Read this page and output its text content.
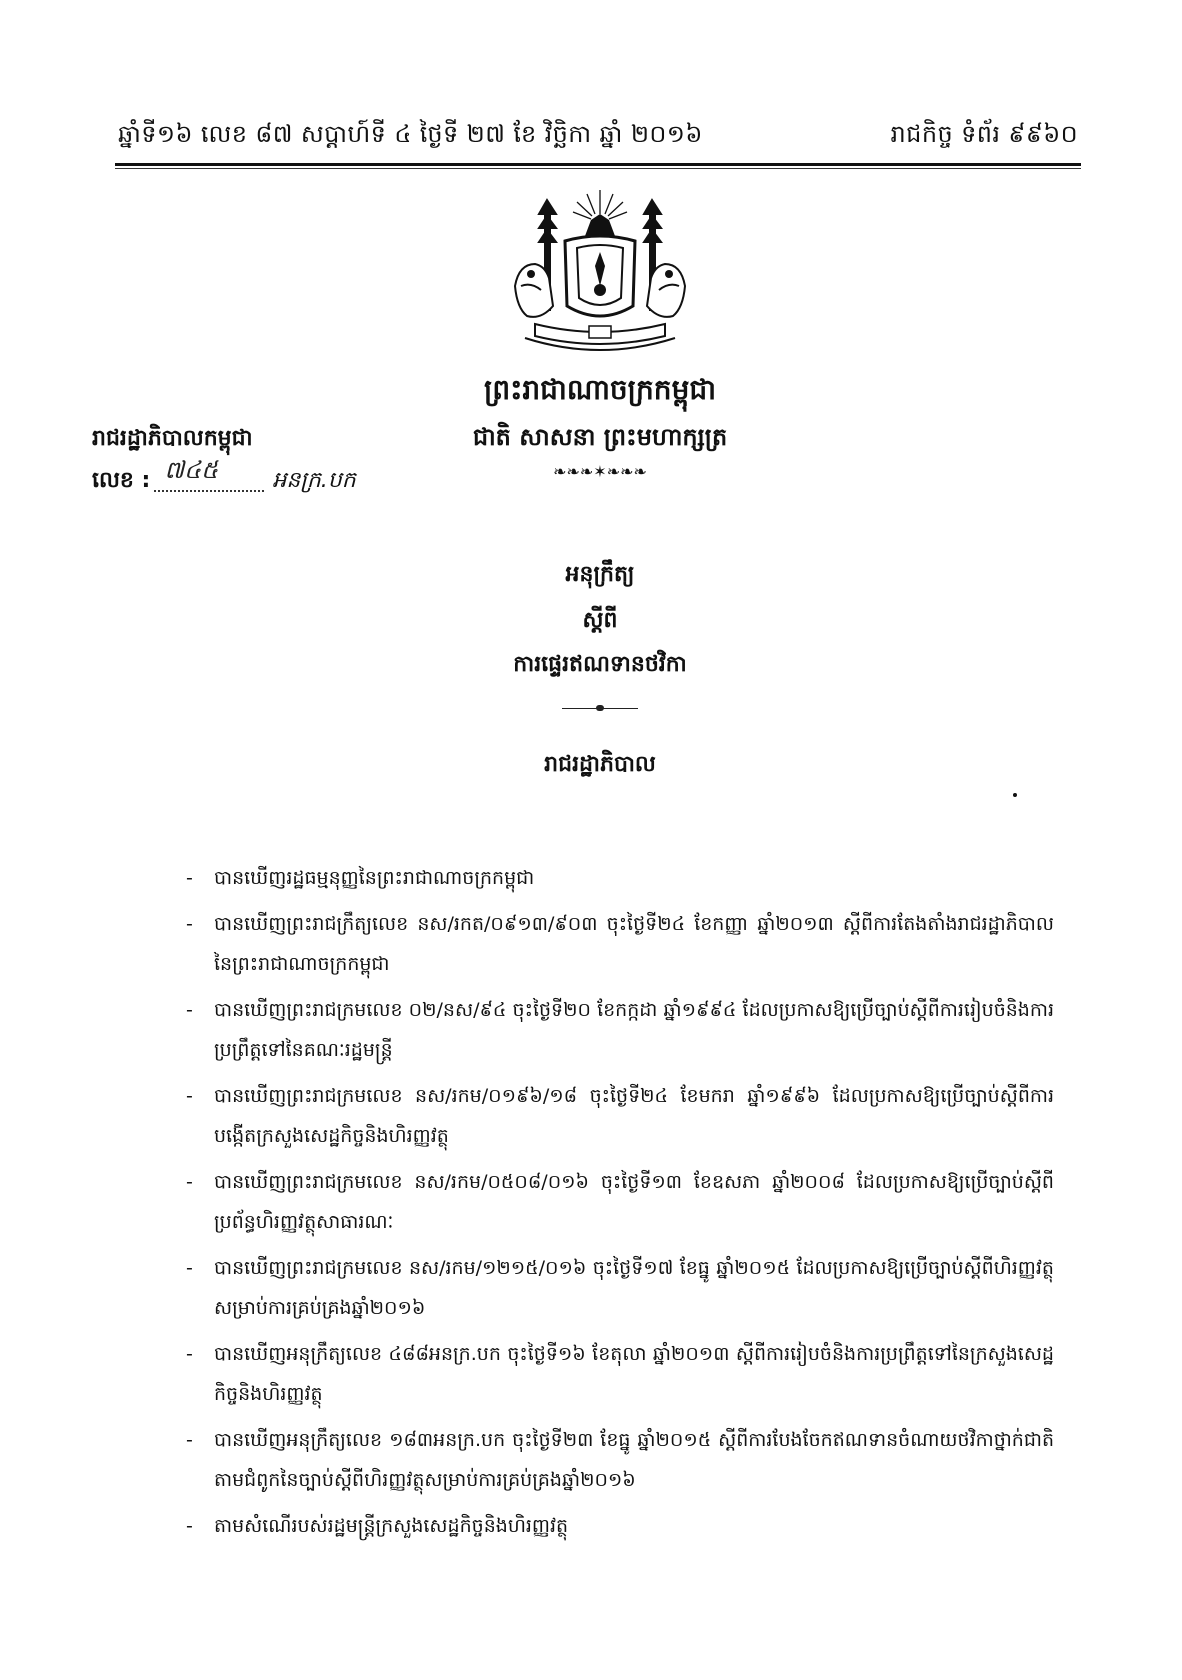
ឆ្នាំទី១៦ លេខ ៨៧ សប្តាហ៍ទី ៤ ថ្ងៃទី ២៧ ខែ វិច្ឆិកា ឆ្នាំ ២០១៦	រាជកិច្ច ទំព័រ ៩៩៦០
ព្រះរាជាណាចក្រកម្ពុជា
ជាតិ សាសនា ព្រះមហាក្សត្រ
❧❧❧✶❧❧❧
រាជរដ្ឋាភិបាលកម្ពុជា
លេខ : ៧៤៥ អនក្រ.បក
អនុក្រឹត្យ
ស្តីពី
ការផ្ទេរឥណទានថវិកា
រាជរដ្ឋាភិបាល
-	បានឃើញរដ្ឋធម្មនុញ្ញនៃព្រះរាជាណាចក្រកម្ពុជា
-	បានឃើញព្រះរាជក្រឹត្យលេខ នស/រកត/០៩១៣/៩០៣ ចុះថ្ងៃទី២៤ ខែកញ្ញា ឆ្នាំ២០១៣ ស្តីពីការតែងតាំងរាជរដ្ឋាភិបាលនៃព្រះរាជាណាចក្រកម្ពុជា
-	បានឃើញព្រះរាជក្រមលេខ ០២/នស/៩៤ ចុះថ្ងៃទី២០ ខែកក្កដា ឆ្នាំ១៩៩៤ ដែលប្រកាសឱ្យប្រើច្បាប់ស្តីពីការរៀបចំនិងការប្រព្រឹត្តទៅនៃគណៈរដ្ឋមន្ត្រី
-	បានឃើញព្រះរាជក្រមលេខ នស/រកម/០១៩៦/១៨ ចុះថ្ងៃទី២៤ ខែមករា ឆ្នាំ១៩៩៦ ដែលប្រកាសឱ្យប្រើច្បាប់ស្តីពីការបង្កើតក្រសួងសេដ្ឋកិច្ចនិងហិរញ្ញវត្ថុ
-	បានឃើញព្រះរាជក្រមលេខ នស/រកម/០៥០៨/០១៦ ចុះថ្ងៃទី១៣ ខែឧសភា ឆ្នាំ២០០៨ ដែលប្រកាសឱ្យប្រើច្បាប់ស្តីពីប្រព័ន្ធហិរញ្ញវត្ថុសាធារណៈ
-	បានឃើញព្រះរាជក្រមលេខ នស/រកម/១២១៥/០១៦ ចុះថ្ងៃទី១៧ ខែធ្នូ ឆ្នាំ២០១៥ ដែលប្រកាសឱ្យប្រើច្បាប់ស្តីពីហិរញ្ញវត្ថុសម្រាប់ការគ្រប់គ្រងឆ្នាំ២០១៦
-	បានឃើញអនុក្រឹត្យលេខ ៤៨៨អនក្រ.បក ចុះថ្ងៃទី១៦ ខែតុលា ឆ្នាំ២០១៣ ស្តីពីការរៀបចំនិងការប្រព្រឹត្តទៅនៃក្រសួងសេដ្ឋកិច្ចនិងហិរញ្ញវត្ថុ
-	បានឃើញអនុក្រឹត្យលេខ ១៨៣អនក្រ.បក ចុះថ្ងៃទី២៣ ខែធ្នូ ឆ្នាំ២០១៥ ស្តីពីការបែងចែកឥណទានចំណាយថវិកាថ្នាក់ជាតិតាមជំពូកនៃច្បាប់ស្តីពីហិរញ្ញវត្ថុសម្រាប់ការគ្រប់គ្រងឆ្នាំ២០១៦
-	តាមសំណើរបស់រដ្ឋមន្ត្រីក្រសួងសេដ្ឋកិច្ចនិងហិរញ្ញវត្ថុ
